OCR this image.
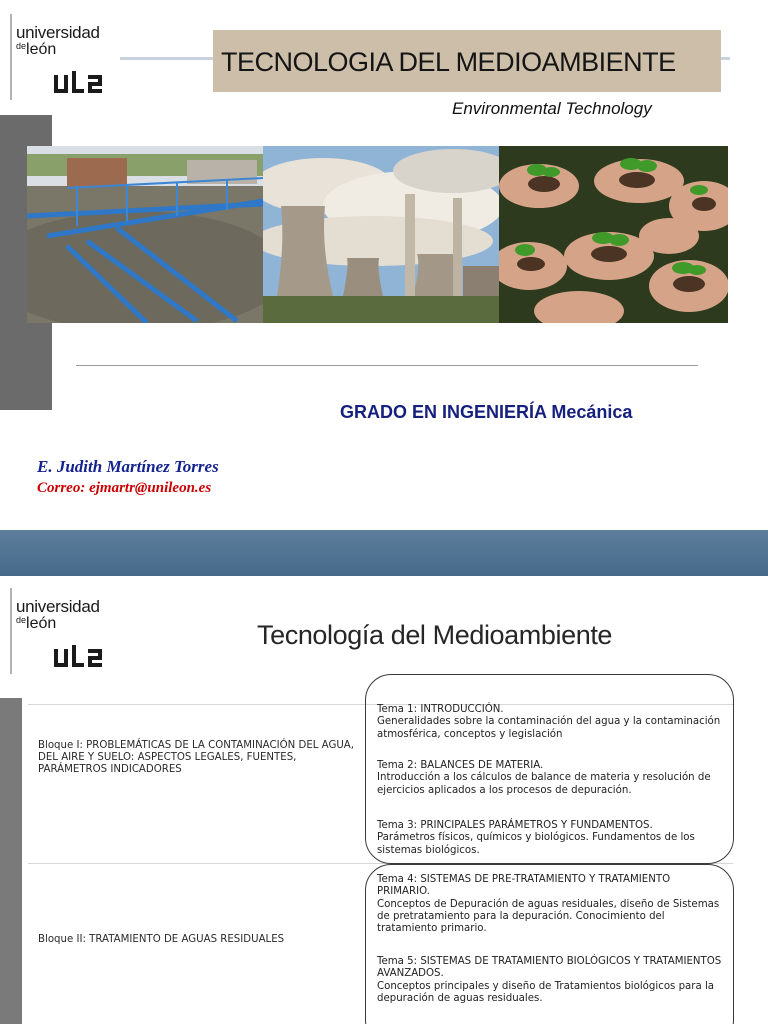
universidad
$^{de}$león	TECNOLOGIA DEL MEDIOAMBIENTE
Environmental Technology
GRADO EN INGENIERÍA Mecánica
E. Judith Martínez Torres
Correo: ejmartr@unileon.es
universidad
$^{de}$león	Tecnología del Medioambiente
Bloque I: PROBLEMÁTICAS DE LA CONTAMINACIÓN DEL AGUA, DEL AIRE Y SUELO: ASPECTOS LEGALES, FUENTES, PARÁMETROS INDICADORES
Bloque II: TRATAMIENTO DE AGUAS RESIDUALES
Tema 1: INTRODUCCIÓN.
Generalidades sobre la contaminación del agua y la contaminación atmosférica, conceptos y legislación
Tema 2: BALANCES DE MATERIA.
Introducción a los cálculos de balance de materia y resolución de ejercicios aplicados a los procesos de depuración.
Tema 3: PRINCIPALES PARÁMETROS Y FUNDAMENTOS.
Parámetros físicos, químicos y biológicos. Fundamentos de los sistemas biológicos.
Tema 4: SISTEMAS DE PRE-TRATAMIENTO Y TRATAMIENTO PRIMARIO.
Conceptos de Depuración de aguas residuales, diseño de Sistemas de pretratamiento para la depuración. Conocimiento del tratamiento primario.
Tema 5: SISTEMAS DE TRATAMIENTO BIOLÓGICOS Y TRATAMIENTOS AVANZADOS.
Conceptos principales y diseño de Tratamientos biológicos para la depuración de aguas residuales.
